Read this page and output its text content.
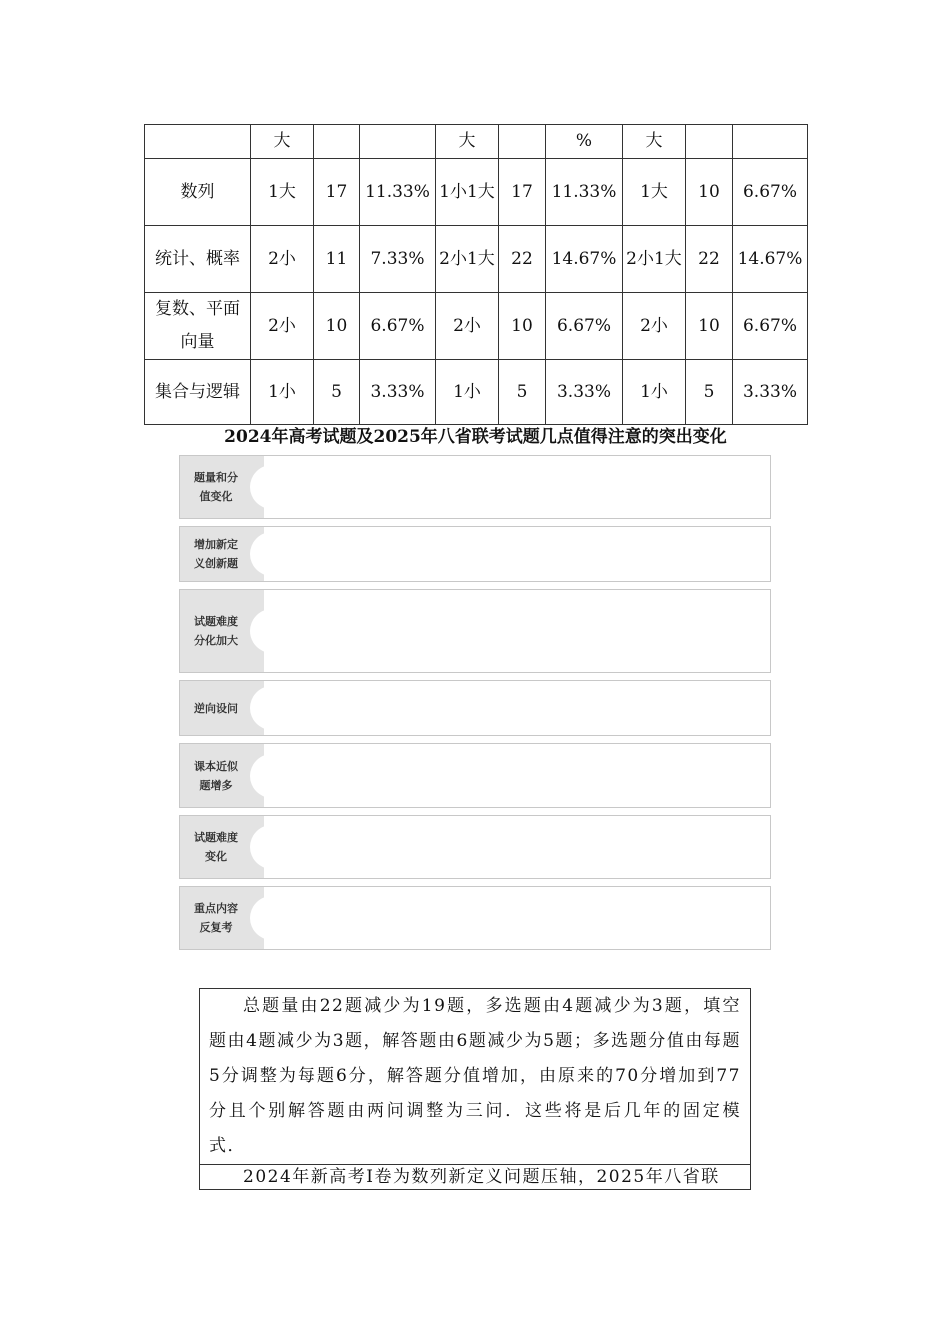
	大			大		%	大		
数列	1大	17	11.33%	1小1大	17	11.33%	1大	10	6.67%
统计、概率	2小	11	7.33%	2小1大	22	14.67%	2小1大	22	14.67%
复数、平面向量	2小	10	6.67%	2小	10	6.67%	2小	10	6.67%
集合与逻辑	1小	5	3.33%	1小	5	3.33%	1小	5	3.33%
2024年高考试题及2025年八省联考试题几点值得注意的突出变化
题量和分值变化
增加新定义创新题
试题难度分化加大
逆向设问
课本近似题增多
试题难度变化
重点内容反复考
总题量由22题减少为19题，多选题由4题减少为3题，填空题由4题减少为3题，解答题由6题减少为5题；多选题分值由每题5分调整为每题6分，解答题分值增加，由原来的70分增加到77分且个别解答题由两问调整为三问．这些将是后几年的固定模式．

2024年新高考Ⅰ卷为数列新定义问题压轴，2025年八省联
